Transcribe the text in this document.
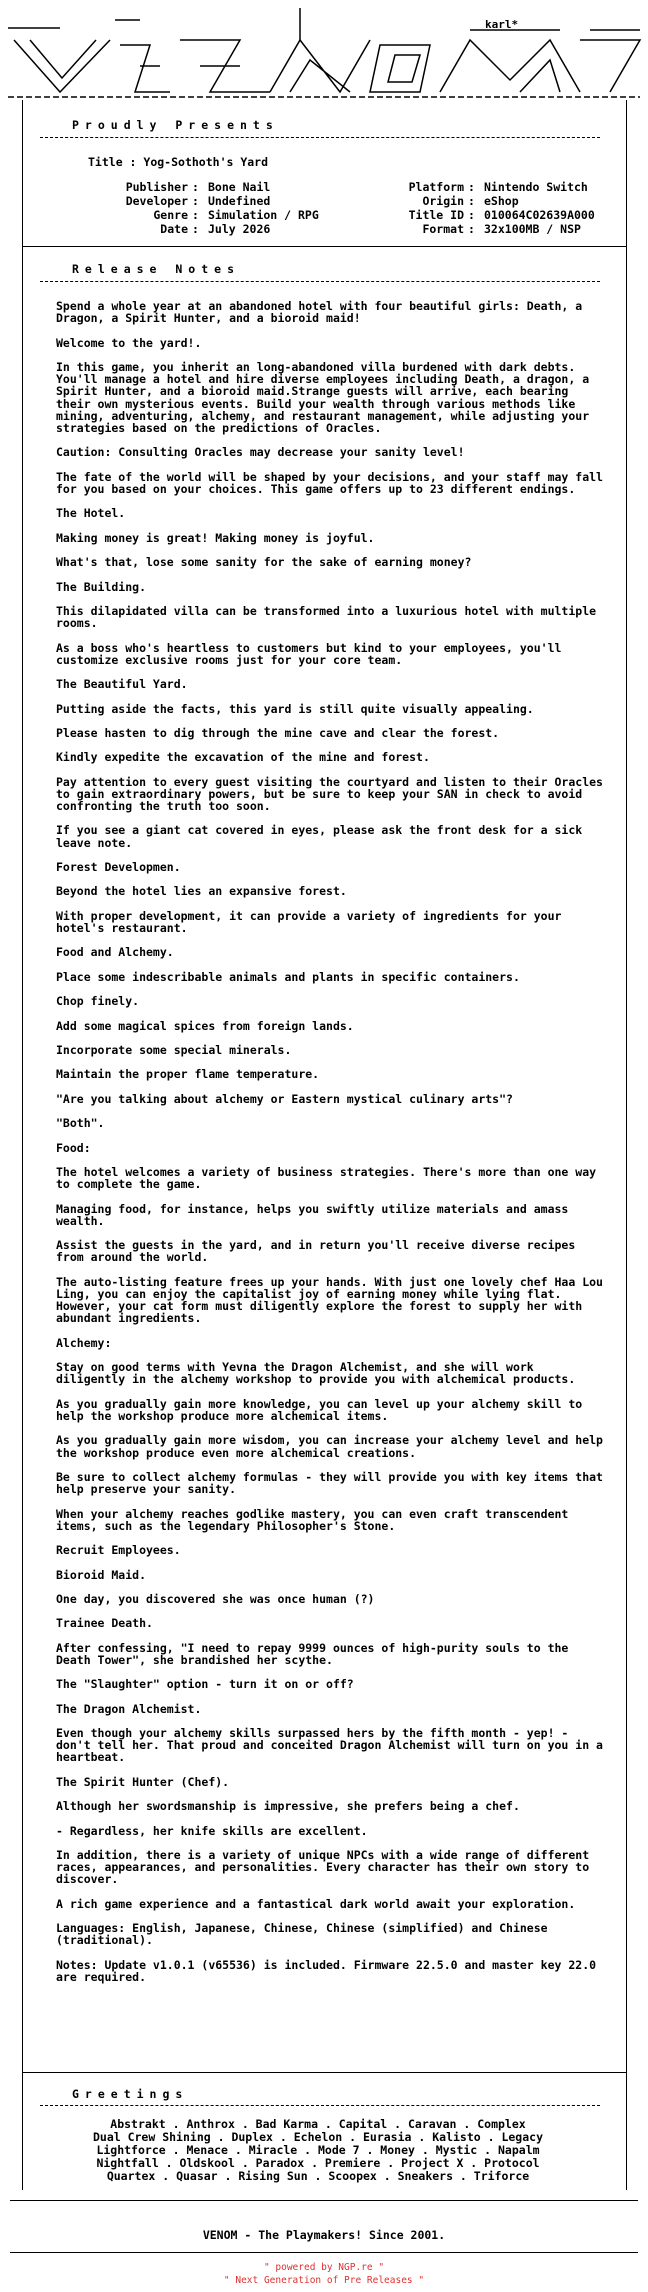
karl*
Proudly Presents
Title : Yog-Sothoth's Yard
Publisher
Developer
Genre
Date
:
:
:
:
Bone Nail
Undefined
Simulation / RPG
July 2026
Platform
Origin
Title ID
Format
:
:
:
:
Nintendo Switch
eShop
010064C02639A000
32x100MB / NSP
Release Notes

Spend a whole year at an abandoned hotel with four beautiful girls: Death, a Dragon, a Spirit Hunter, and a bioroid maid!

Welcome to the yard!.

In this game, you inherit an long-abandoned villa burdened with dark debts. You'll manage a hotel and hire diverse employees including Death, a dragon, a Spirit Hunter, and a bioroid maid.Strange guests will arrive, each bearing their own mysterious events. Build your wealth through various methods like mining, adventuring, alchemy, and restaurant management, while adjusting your strategies based on the predictions of Oracles.

Caution: Consulting Oracles may decrease your sanity level!

The fate of the world will be shaped by your decisions, and your staff may fall for you based on your choices. This game offers up to 23 different endings.

The Hotel.

Making money is great! Making money is joyful.

What's that, lose some sanity for the sake of earning money?

The Building.

This dilapidated villa can be transformed into a luxurious hotel with multiple rooms.

As a boss who's heartless to customers but kind to your employees, you'll customize exclusive rooms just for your core team.

The Beautiful Yard.

Putting aside the facts, this yard is still quite visually appealing.

Please hasten to dig through the mine cave and clear the forest.

Kindly expedite the excavation of the mine and forest.

Pay attention to every guest visiting the courtyard and listen to their Oracles to gain extraordinary powers, but be sure to keep your SAN in check to avoid confronting the truth too soon.

If you see a giant cat covered in eyes, please ask the front desk for a sick leave note.

Forest Developmen.

Beyond the hotel lies an expansive forest.

With proper development, it can provide a variety of ingredients for your hotel's restaurant.

Food and Alchemy.

Place some indescribable animals and plants in specific containers.

Chop finely.

Add some magical spices from foreign lands.

Incorporate some special minerals.

Maintain the proper flame temperature.

"Are you talking about alchemy or Eastern mystical culinary arts"?

"Both".

Food:

The hotel welcomes a variety of business strategies. There's more than one way to complete the game.

Managing food, for instance, helps you swiftly utilize materials and amass wealth.

Assist the guests in the yard, and in return you'll receive diverse recipes from around the world.

The auto-listing feature frees up your hands. With just one lovely chef Haa Lou Ling, you can enjoy the capitalist joy of earning money while lying flat. However, your cat form must diligently explore the forest to supply her with abundant ingredients.

Alchemy:

Stay on good terms with Yevna the Dragon Alchemist, and she will work diligently in the alchemy workshop to provide you with alchemical products.

As you gradually gain more knowledge, you can level up your alchemy skill to help the workshop produce more alchemical items.

As you gradually gain more wisdom, you can increase your alchemy level and help the workshop produce even more alchemical creations.

Be sure to collect alchemy formulas - they will provide you with key items that help preserve your sanity.

When your alchemy reaches godlike mastery, you can even craft transcendent items, such as the legendary Philosopher's Stone.

Recruit Employees.

Bioroid Maid.

One day, you discovered she was once human (?)

Trainee Death.

After confessing, "I need to repay 9999 ounces of high-purity souls to the Death Tower", she brandished her scythe.

The "Slaughter" option - turn it on or off?

The Dragon Alchemist.

Even though your alchemy skills surpassed hers by the fifth month - yep! - don't tell her. That proud and conceited Dragon Alchemist will turn on you in a heartbeat.

The Spirit Hunter (Chef).

Although her swordsmanship is impressive, she prefers being a chef.

- Regardless, her knife skills are excellent.

In addition, there is a variety of unique NPCs with a wide range of different races, appearances, and personalities. Every character has their own story to discover.

A rich game experience and a fantastical dark world await your exploration.

Languages: English, Japanese, Chinese, Chinese (simplified) and Chinese (traditional).

Notes: Update v1.0.1 (v65536) is included. Firmware 22.5.0 and master key 22.0 are required.

Greetings
Abstrakt . Anthrox . Bad Karma . Capital . Caravan . Complex
Dual Crew Shining . Duplex . Echelon . Eurasia . Kalisto . Legacy
Lightforce . Menace . Miracle . Mode 7 . Money . Mystic . Napalm
Nightfall . Oldskool . Paradox . Premiere . Project X . Protocol
Quartex . Quasar . Rising Sun . Scoopex . Sneakers . Triforce
VENOM - The Playmakers! Since 2001.
" powered by NGP.re "
" Next Generation of Pre Releases "
